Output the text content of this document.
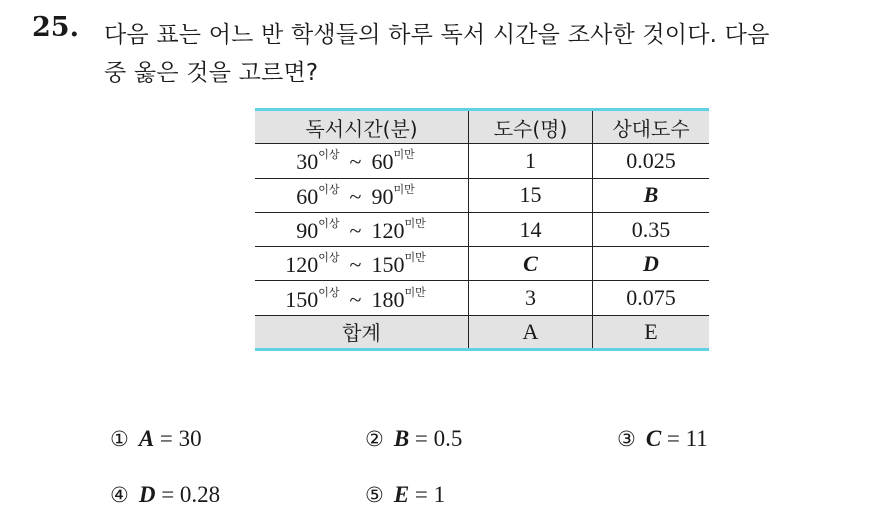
25. 다음 표는 어느 반 학생들의 하루 독서 시간을 조사한 것이다. 다음
중 옳은 것을 고르면?
독서시간(분)	도수(명)	상대도수
$30^{이상}$ ~ $60^{미만}$	1	0.025
$60^{이상}$ ~ $90^{미만}$	15	B
$90^{이상}$ ~ $120^{미만}$	14	0.35
$120^{이상}$ ~ $150^{미만}$	C	D
$150^{이상}$ ~ $180^{미만}$	3	0.075
합계	A	E
① A = 30	② B = 0.5	③ C = 11
④ D = 0.28	⑤ E = 1
